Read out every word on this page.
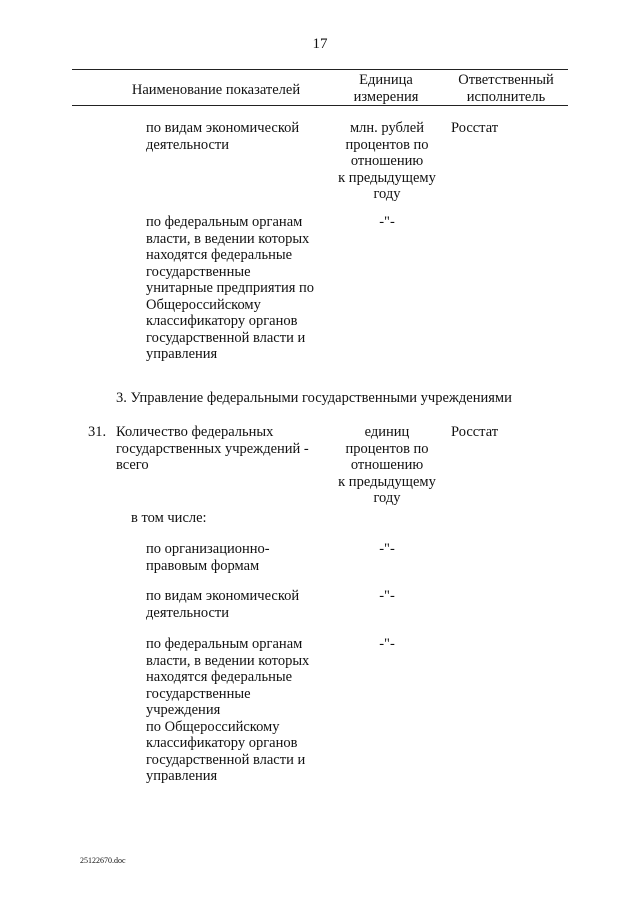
17
Наименование показателей
Единица
измерения
Ответственный
исполнитель
по видам экономической
деятельности
млн. рублей
процентов по
отношению
к предыдущему
году
Росстат
по федеральным органам
власти, в ведении которых
находятся федеральные
государственные
унитарные предприятия по
Общероссийскому
классификатору органов
государственной власти и
управления
-"-
3. Управление федеральными государственными учреждениями
31. Количество федеральных
государственных учреждений -
всего
единиц
процентов по
отношению
к предыдущему
году
Росстат
в том числе:
по организационно-
правовым формам
-"-
по видам экономической
деятельности
-"-
по федеральным органам
власти, в ведении которых
находятся федеральные
государственные
учреждения
по Общероссийскому
классификатору органов
государственной власти и
управления
-"-
25122670.doc
